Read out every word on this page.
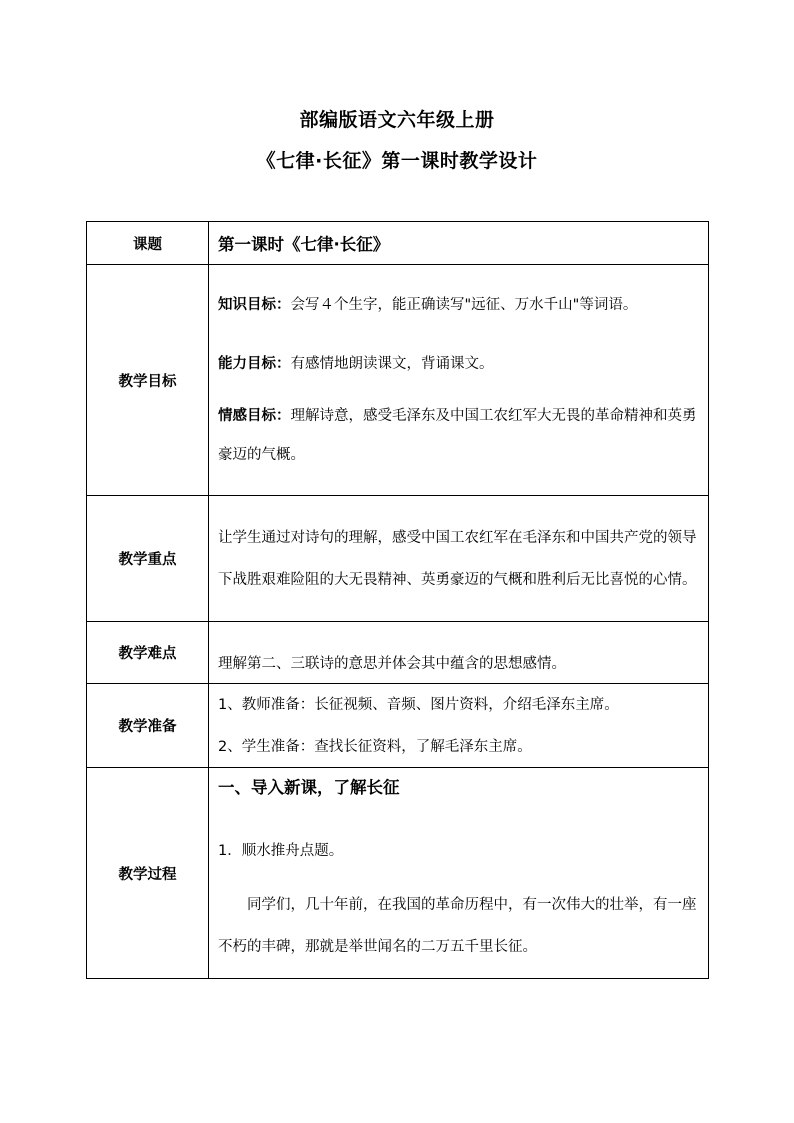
部编版语文六年级上册
《七律·长征》第一课时教学设计
课题	第一课时《七律·长征》
教学目标	知识目标：会写４个生字，能正确读写"远征、万水千山"等词语。
能力目标：有感情地朗读课文，背诵课文。
情感目标：理解诗意，感受毛泽东及中国工农红军大无畏的革命精神和英勇豪迈的气概。

教学重点	让学生通过对诗句的理解，感受中国工农红军在毛泽东和中国共产党的领导下战胜艰难险阻的大无畏精神、英勇豪迈的气概和胜利后无比喜悦的心情。

教学难点	理解第二、三联诗的意思并体会其中蕴含的思想感情。

教学准备	1、教师准备：长征视频、音频、图片资料，介绍毛泽东主席。
2、学生准备：查找长征资料，了解毛泽东主席。

教学过程	一、导入新课，了解长征
1．顺水推舟点题。
同学们，几十年前，在我国的革命历程中，有一次伟大的壮举，有一座不朽的丰碑，那就是举世闻名的二万五千里长征。
